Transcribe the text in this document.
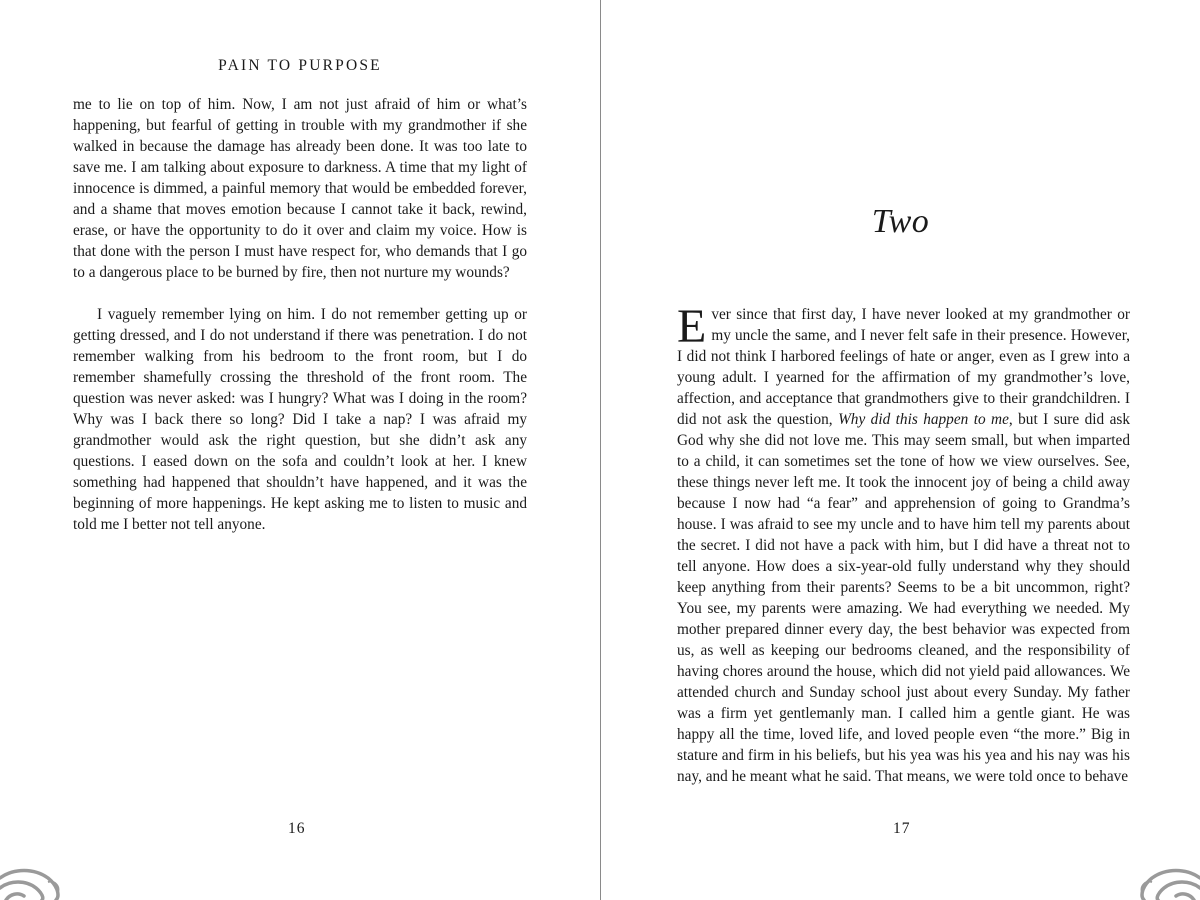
PAIN TO PURPOSE

me to lie on top of him. Now, I am not just afraid of him or what’s happening, but fearful of getting in trouble with my grandmother if she walked in because the damage has already been done. It was too late to save me. I am talking about exposure to darkness. A time that my light of innocence is dimmed, a painful memory that would be embedded forever, and a shame that moves emotion because I cannot take it back, rewind, erase, or have the opportunity to do it over and claim my voice. How is that done with the person I must have respect for, who demands that I go to a dangerous place to be burned by fire, then not nurture my wounds?

I vaguely remember lying on him. I do not remember getting up or getting dressed, and I do not understand if there was penetration. I do not remember walking from his bedroom to the front room, but I do remember shamefully crossing the threshold of the front room. The question was never asked: was I hungry? What was I doing in the room? Why was I back there so long? Did I take a nap? I was afraid my grandmother would ask the right question, but she didn’t ask any questions. I eased down on the sofa and couldn’t look at her. I knew something had happened that shouldn’t have happened, and it was the beginning of more happenings. He kept asking me to listen to music and told me I better not tell anyone.

16
Two

Ever since that first day, I have never looked at my grandmother or my uncle the same, and I never felt safe in their presence. However, I did not think I harbored feelings of hate or anger, even as I grew into a young adult. I yearned for the affirmation of my grandmother’s love, affection, and acceptance that grandmothers give to their grandchildren. I did not ask the question, Why did this happen to me, but I sure did ask God why she did not love me. This may seem small, but when imparted to a child, it can sometimes set the tone of how we view ourselves. See, these things never left me. It took the innocent joy of being a child away because I now had “a fear” and apprehension of going to Grandma’s house. I was afraid to see my uncle and to have him tell my parents about the secret. I did not have a pack with him, but I did have a threat not to tell anyone. How does a six-year-old fully understand why they should keep anything from their parents? Seems to be a bit uncommon, right? You see, my parents were amazing. We had everything we needed. My mother prepared dinner every day, the best behavior was expected from us, as well as keeping our bedrooms cleaned, and the responsibility of having chores around the house, which did not yield paid allowances. We attended church and Sunday school just about every Sunday. My father was a firm yet gentlemanly man. I called him a gentle giant. He was happy all the time, loved life, and loved people even “the more.” Big in stature and firm in his beliefs, but his yea was his yea and his nay was his nay, and he meant what he said. That means, we were told once to behave

17
